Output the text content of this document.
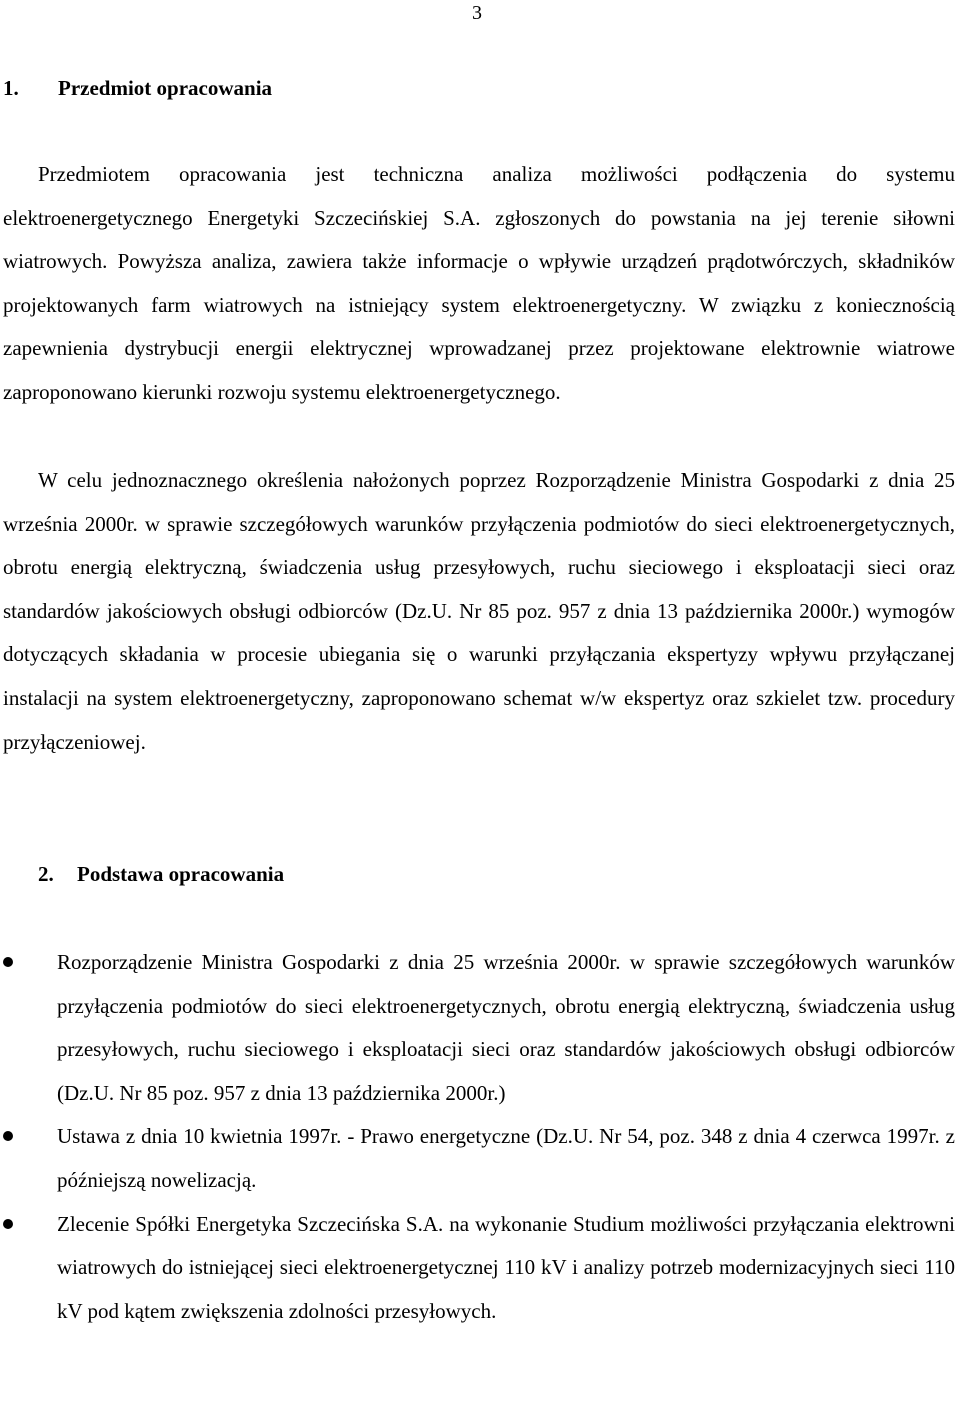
3
1. Przedmiot opracowania

Przedmiotem opracowania jest techniczna analiza możliwości podłączenia do systemu elektroenergetycznego Energetyki Szczecińskiej S.A. zgłoszonych do powstania na jej terenie siłowni wiatrowych. Powyższa analiza, zawiera także informacje o wpływie urządzeń prądotwórczych, składników projektowanych farm wiatrowych na istniejący system elektroenergetyczny. W związku z koniecznością zapewnienia dystrybucji energii elektrycznej wprowadzanej przez projektowane elektrownie wiatrowe zaproponowano kierunki rozwoju systemu elektroenergetycznego.

W celu jednoznacznego określenia nałożonych poprzez Rozporządzenie Ministra Gospodarki z dnia 25 września 2000r. w sprawie szczegółowych warunków przyłączenia podmiotów do sieci elektroenergetycznych, obrotu energią elektryczną, świadczenia usług przesyłowych, ruchu sieciowego i eksploatacji sieci oraz standardów jakościowych obsługi odbiorców (Dz.U. Nr 85 poz. 957 z dnia 13 października 2000r.) wymogów dotyczących składania w procesie ubiegania się o warunki przyłączania ekspertyzy wpływu przyłączanej instalacji na system elektroenergetyczny, zaproponowano schemat w/w ekspertyz oraz szkielet tzw. procedury przyłączeniowej.

2. Podstawa opracowania
Rozporządzenie Ministra Gospodarki z dnia 25 września 2000r. w sprawie szczegółowych warunków przyłączenia podmiotów do sieci elektroenergetycznych, obrotu energią elektryczną, świadczenia usług przesyłowych, ruchu sieciowego i eksploatacji sieci oraz standardów jakościowych obsługi odbiorców (Dz.U. Nr 85 poz. 957 z dnia 13 października 2000r.)
Ustawa z dnia 10 kwietnia 1997r. - Prawo energetyczne (Dz.U. Nr 54, poz. 348 z dnia 4 czerwca 1997r. z późniejszą nowelizacją.
Zlecenie Spółki Energetyka Szczecińska S.A. na wykonanie Studium możliwości przyłączania elektrowni wiatrowych do istniejącej sieci elektroenergetycznej 110 kV i analizy potrzeb modernizacyjnych sieci 110 kV pod kątem zwiększenia zdolności przesyłowych.
